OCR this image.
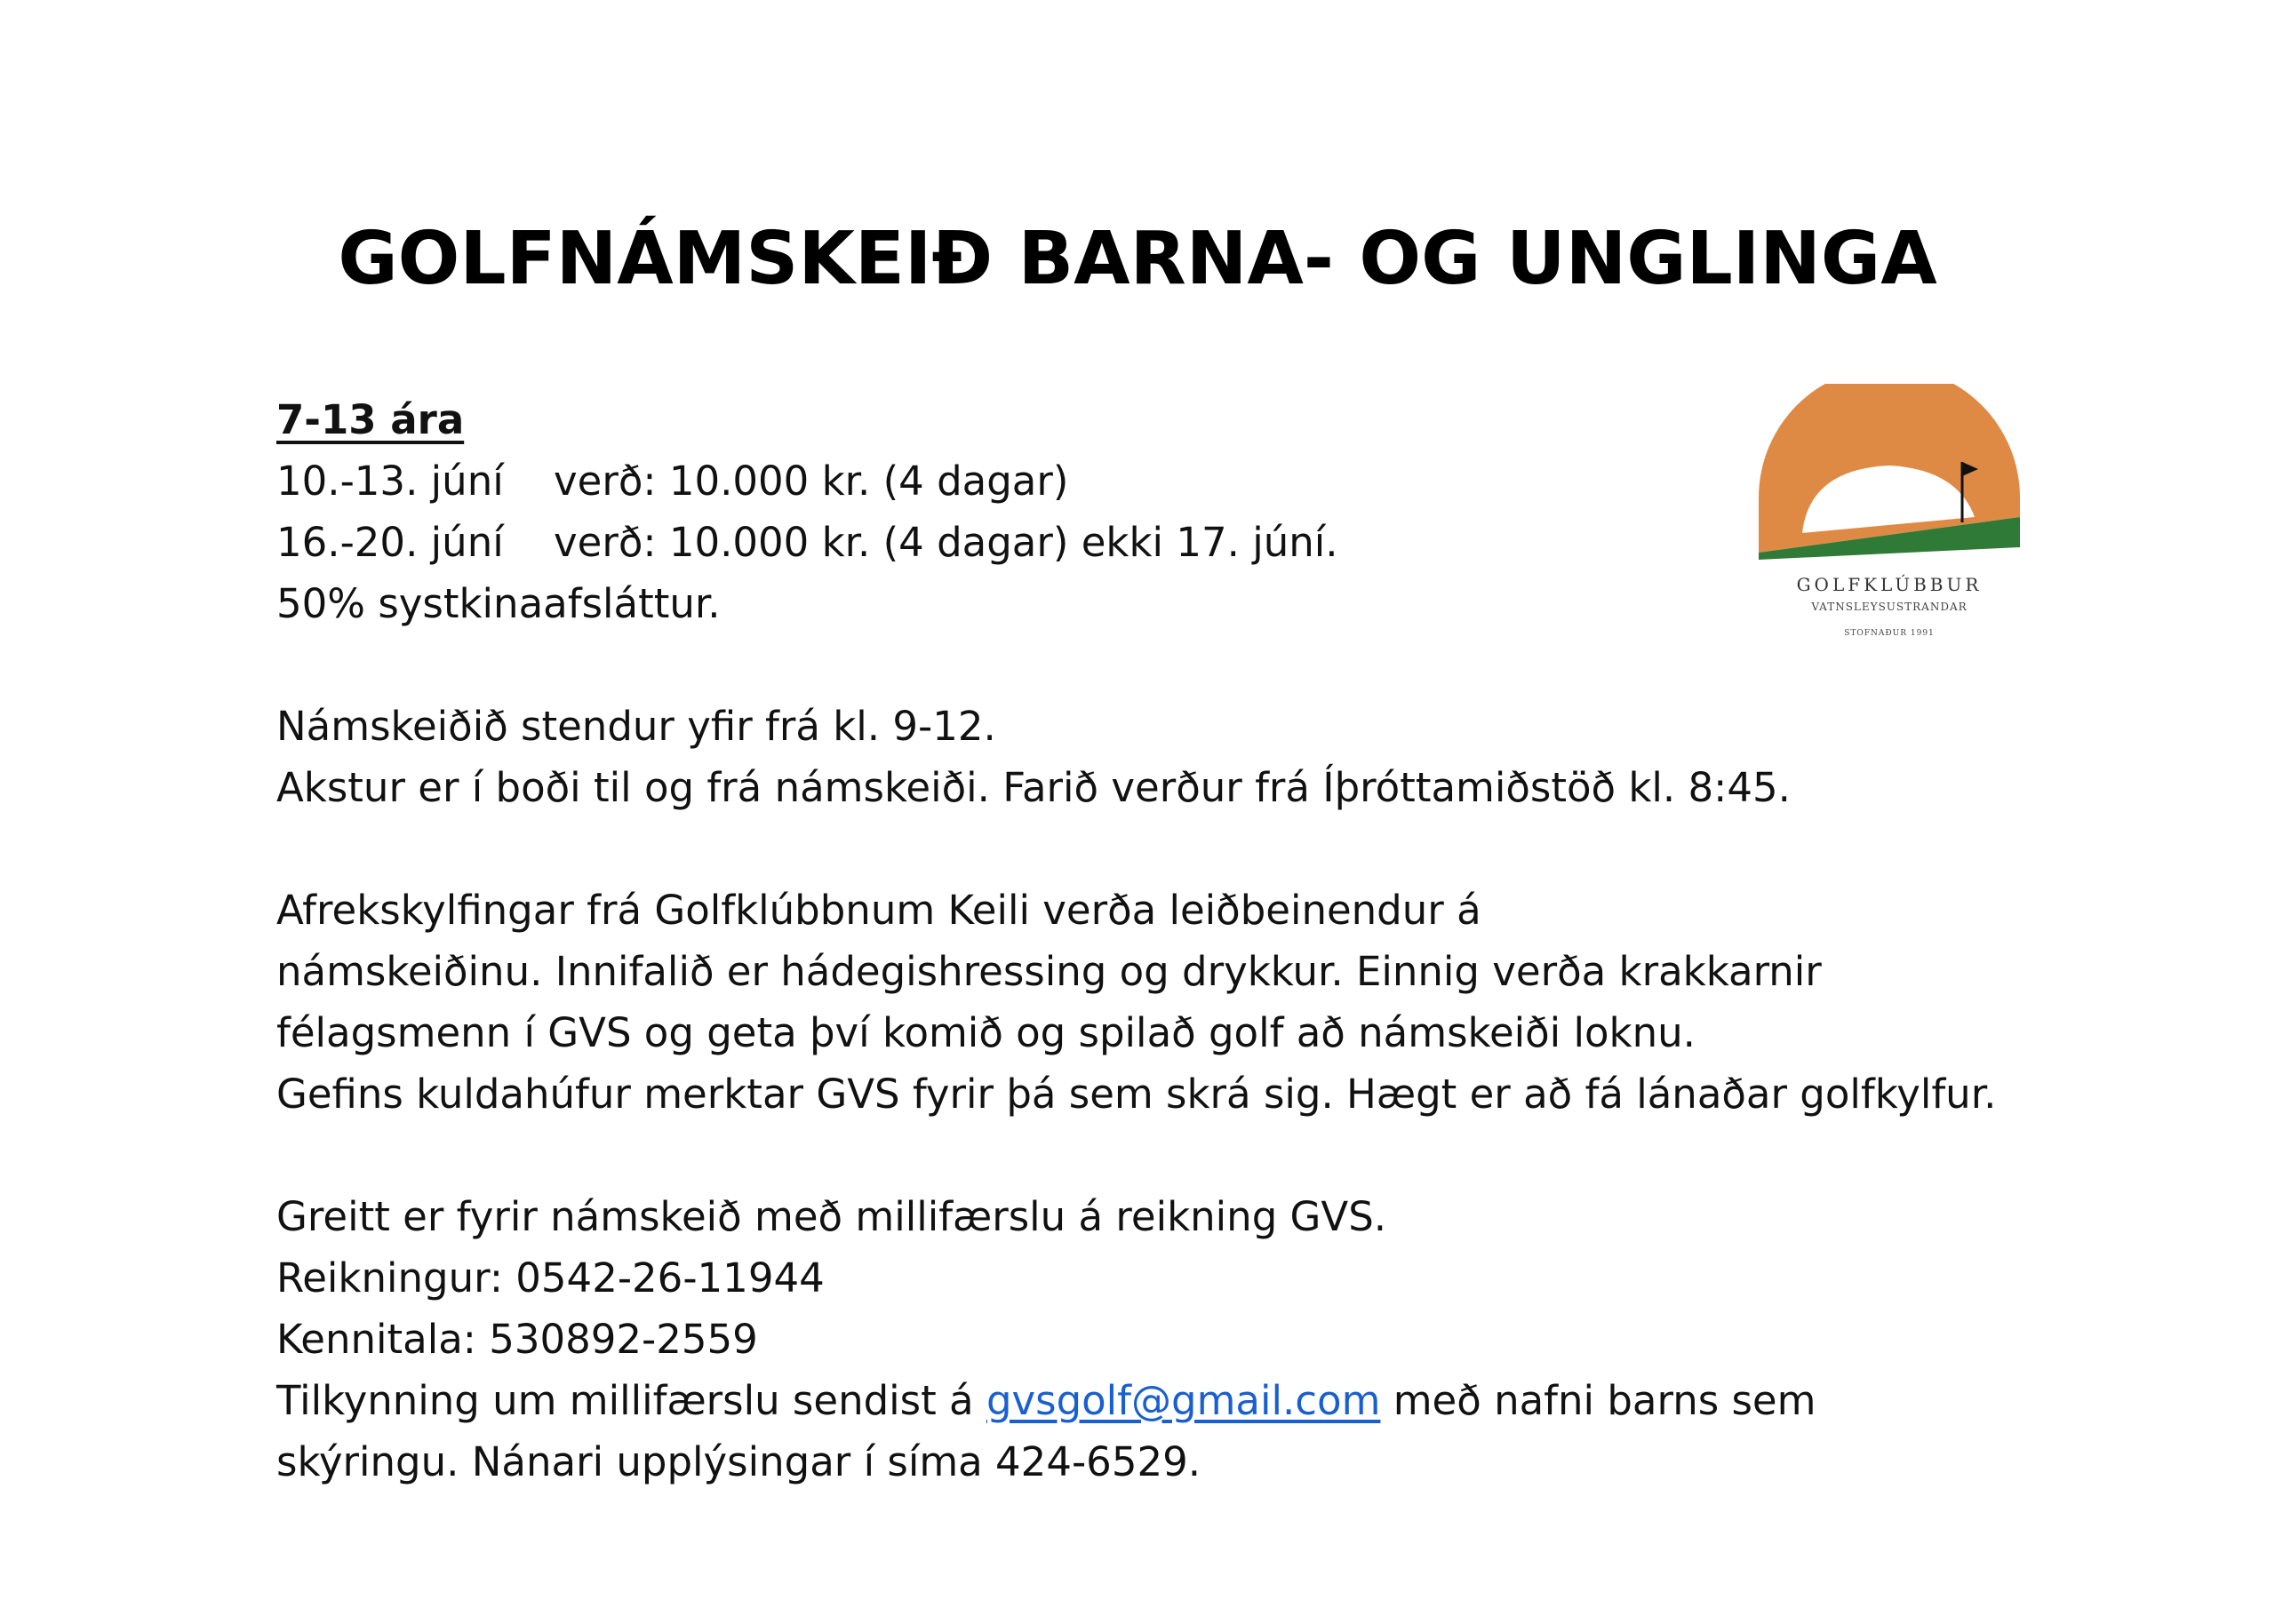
GOLFNÁMSKEIÐ BARNA- OG UNGLINGA
GOLFKLÚBBUR
VATNSLEYSUSTRANDAR
STOFNAÐUR 1991
7-13 ára
10.-13. júní verð: 10.000 kr. (4 dagar)
16.-20. júní verð: 10.000 kr. (4 dagar) ekki 17. júní.
50% systkinaafsláttur.
Námskeiðið stendur yfir frá kl. 9-12.
Akstur er í boði til og frá námskeiði. Farið verður frá Íþróttamiðstöð kl. 8:45.
Afrekskylfingar frá Golfklúbbnum Keili verða leiðbeinendur á
námskeiðinu. Innifalið er hádegishressing og drykkur. Einnig verða krakkarnir
félagsmenn í GVS og geta því komið og spilað golf að námskeiði loknu.
Gefins kuldahúfur merktar GVS fyrir þá sem skrá sig. Hægt er að fá lánaðar golfkylfur.
Greitt er fyrir námskeið með millifærslu á reikning GVS.
Reikningur: 0542-26-11944
Kennitala: 530892-2559
Tilkynning um millifærslu sendist á gvsgolf@gmail.com með nafni barns sem
skýringu. Nánari upplýsingar í síma 424-6529.
